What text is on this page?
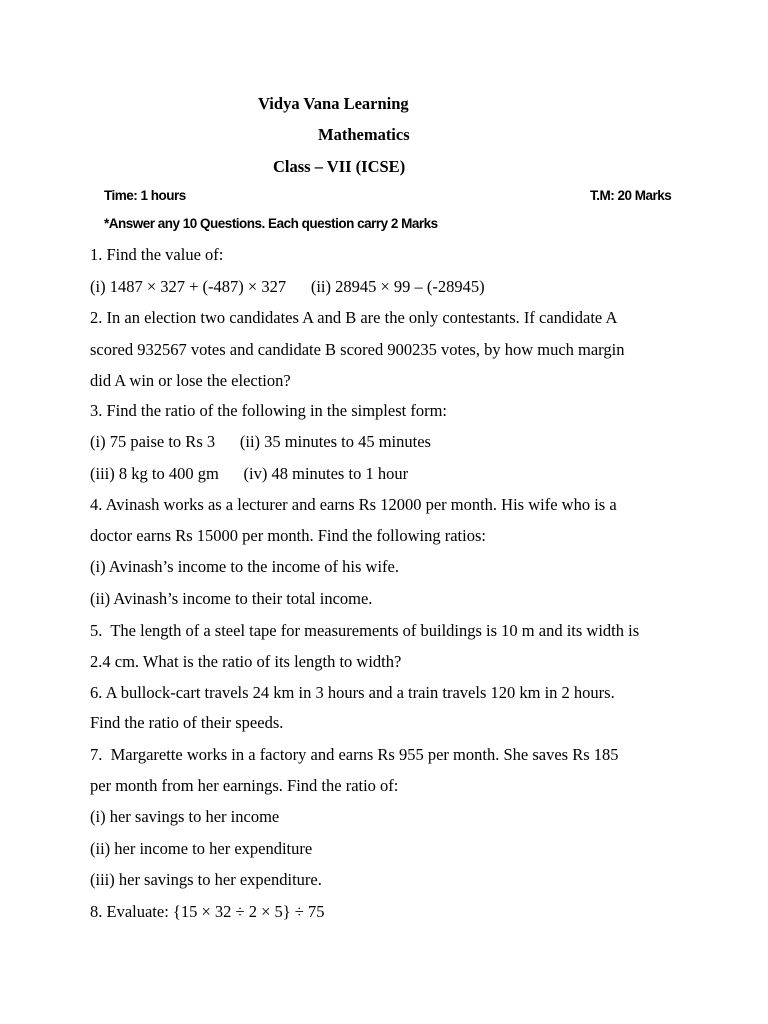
Vidya Vana Learning
Mathematics
Class – VII (ICSE)
Time: 1 hours	T.M: 20 Marks
*Answer any 10 Questions. Each question carry 2 Marks
1. Find the value of:
(i) 1487 × 327 + (-487) × 327      (ii) 28945 × 99 – (-28945)
2. In an election two candidates A and B are the only contestants. If candidate A
scored 932567 votes and candidate B scored 900235 votes, by how much margin
did A win or lose the election?
3. Find the ratio of the following in the simplest form:
(i) 75 paise to Rs 3      (ii) 35 minutes to 45 minutes
(iii) 8 kg to 400 gm      (iv) 48 minutes to 1 hour
4. Avinash works as a lecturer and earns Rs 12000 per month. His wife who is a
doctor earns Rs 15000 per month. Find the following ratios:
(i) Avinash’s income to the income of his wife.
(ii) Avinash’s income to their total income.
5.  The length of a steel tape for measurements of buildings is 10 m and its width is
2.4 cm. What is the ratio of its length to width?
6. A bullock-cart travels 24 km in 3 hours and a train travels 120 km in 2 hours.
Find the ratio of their speeds.
7.  Margarette works in a factory and earns Rs 955 per month. She saves Rs 185
per month from her earnings. Find the ratio of:
(i) her savings to her income
(ii) her income to her expenditure
(iii) her savings to her expenditure.
8. Evaluate: {15 × 32 ÷ 2 × 5} ÷ 75
